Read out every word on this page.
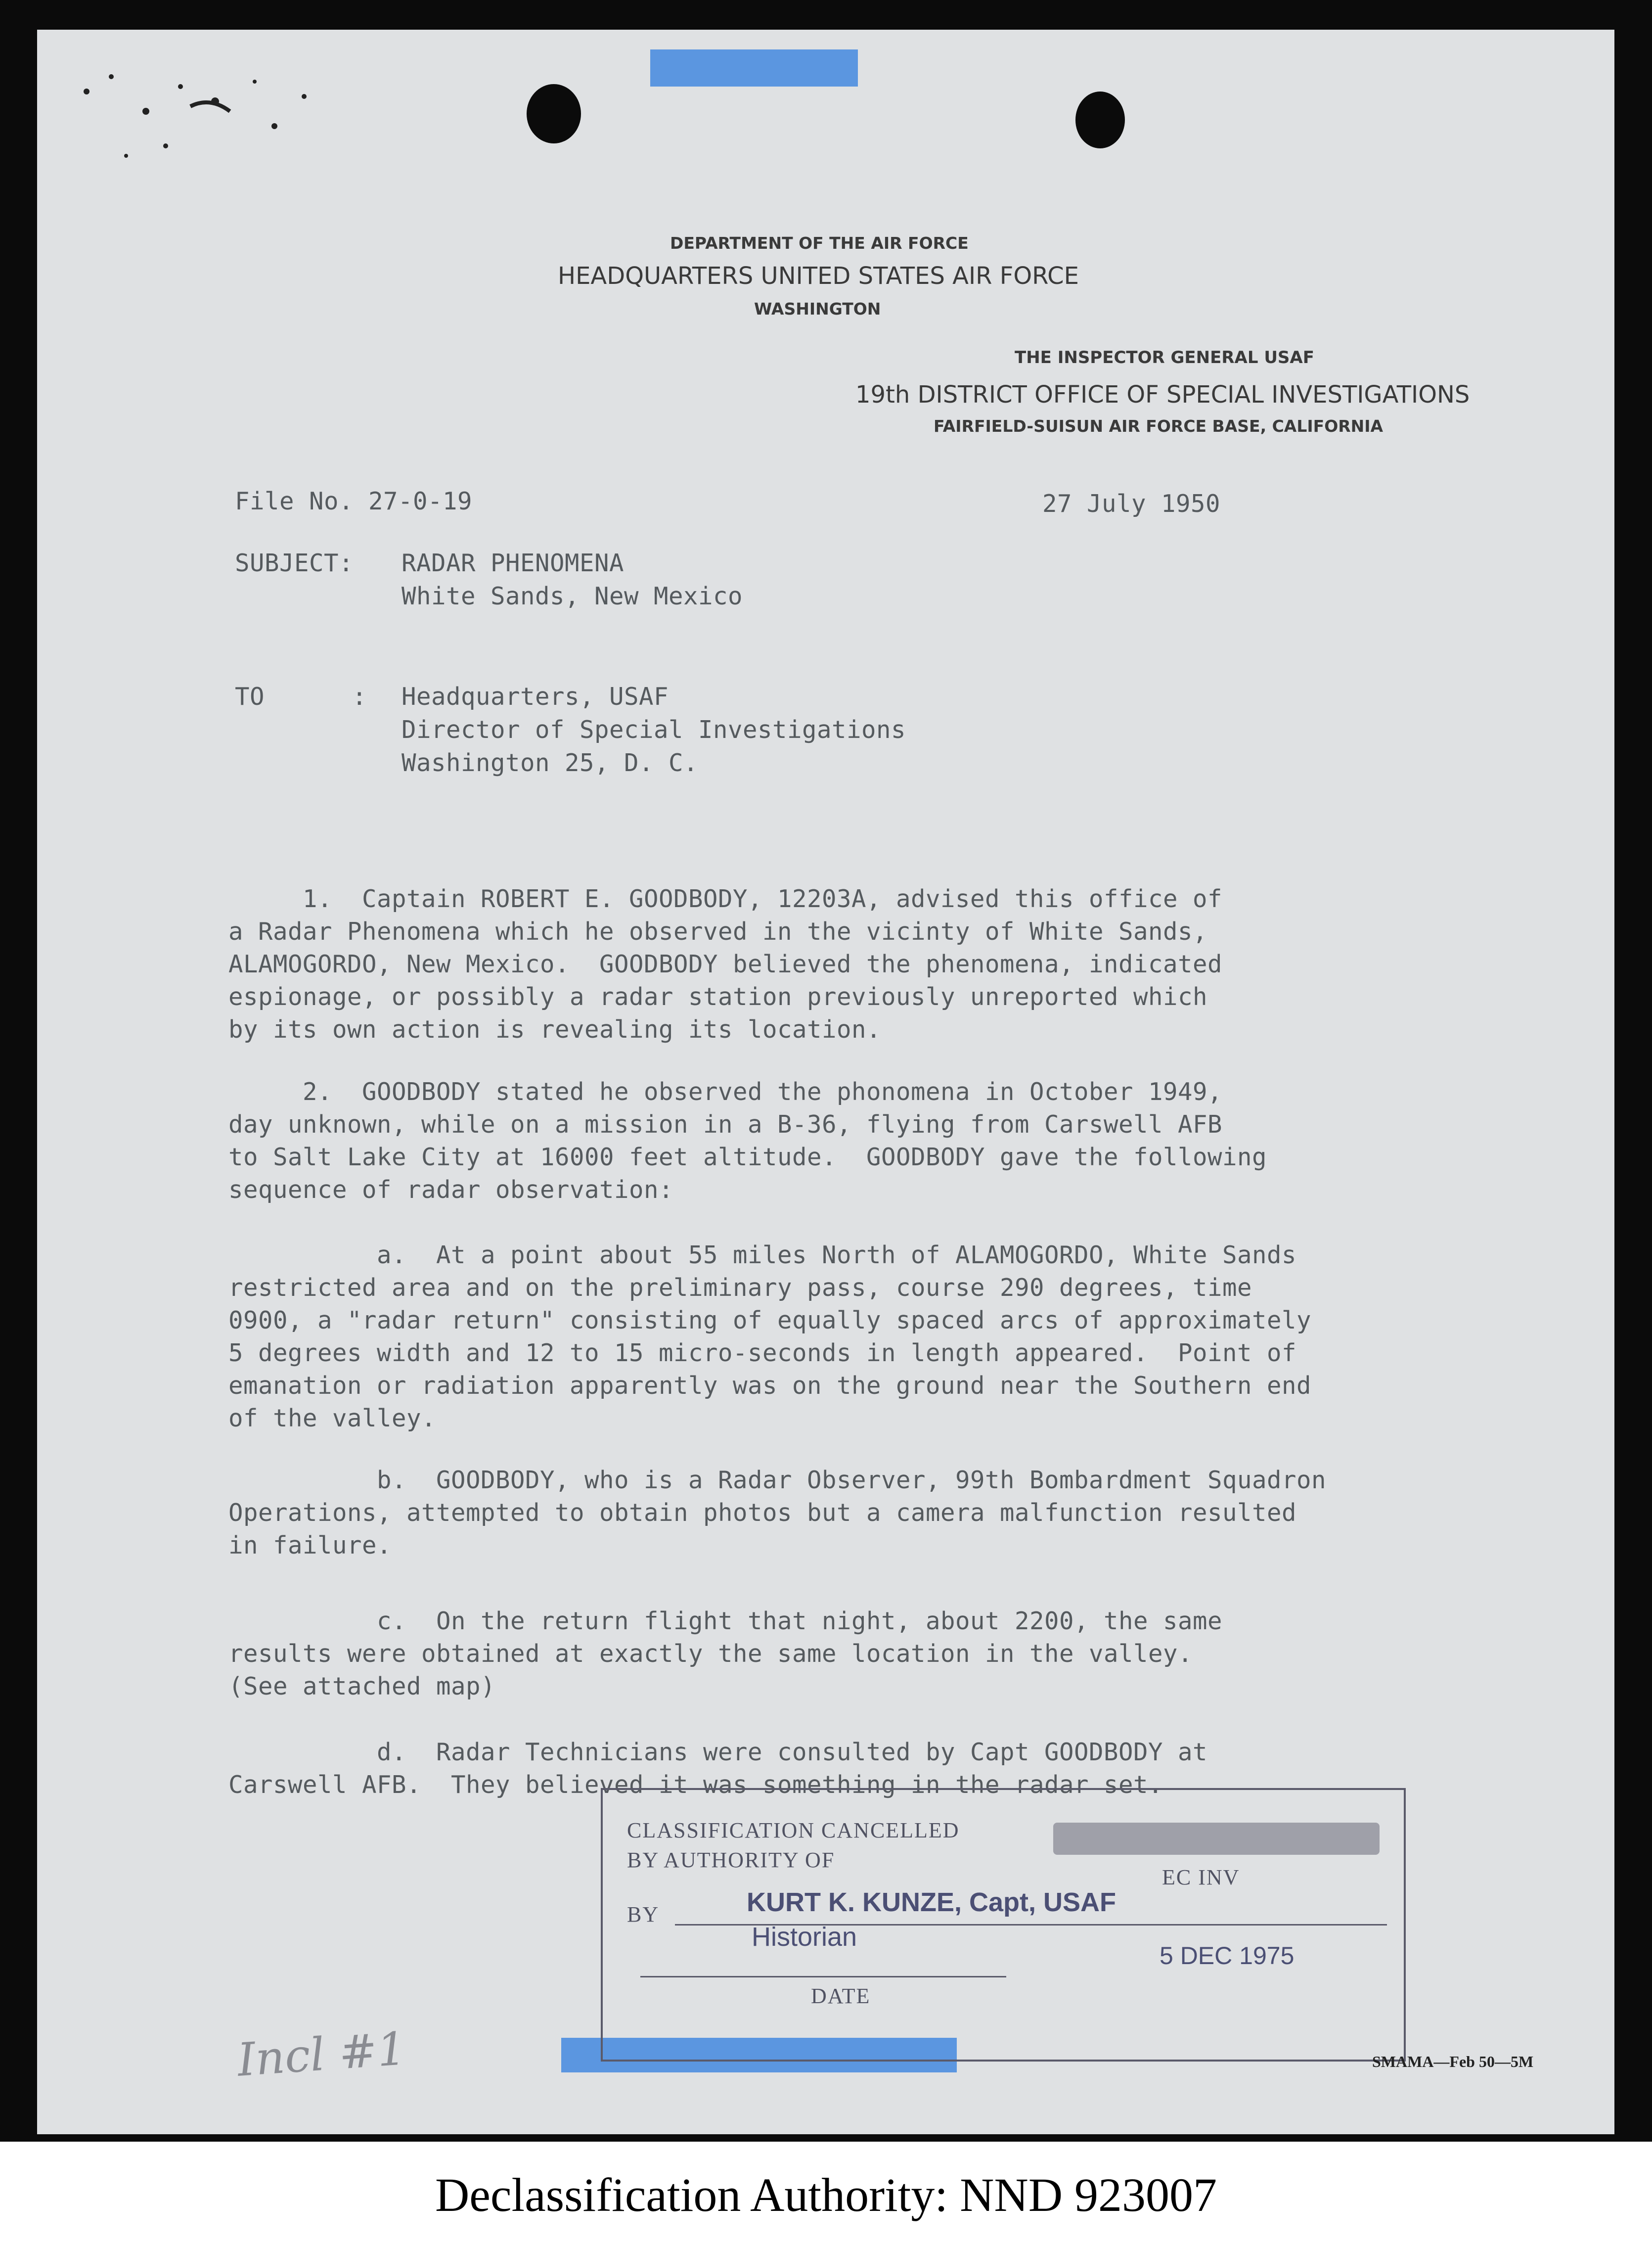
DEPARTMENT OF THE AIR FORCE
HEADQUARTERS UNITED STATES AIR FORCE
WASHINGTON
THE INSPECTOR GENERAL USAF
19th DISTRICT OFFICE OF SPECIAL INVESTIGATIONS
FAIRFIELD-SUISUN AIR FORCE BASE, CALIFORNIA
File No. 27-0-19	27 July 1950
SUBJECT: RADAR PHENOMENA
White Sands, New Mexico
TO	: Headquarters, USAF
Director of Special Investigations
Washington 25, D. C.
1.  Captain ROBERT E. GOODBODY, 12203A, advised this office of
a Radar Phenomena which he observed in the vicinty of White Sands,
ALAMOGORDO, New Mexico.  GOODBODY believed the phenomena, indicated
espionage, or possibly a radar station previously unreported which
by its own action is revealing its location.
2.  GOODBODY stated he observed the phonomena in October 1949,
day unknown, while on a mission in a B-36, flying from Carswell AFB
to Salt Lake City at 16000 feet altitude.  GOODBODY gave the following
sequence of radar observation:
a.  At a point about 55 miles North of ALAMOGORDO, White Sands
restricted area and on the preliminary pass, course 290 degrees, time
0900, a "radar return" consisting of equally spaced arcs of approximately
5 degrees width and 12 to 15 micro-seconds in length appeared.  Point of
emanation or radiation apparently was on the ground near the Southern end
of the valley.
b.  GOODBODY, who is a Radar Observer, 99th Bombardment Squadron
Operations, attempted to obtain photos but a camera malfunction resulted
in failure.
c.  On the return flight that night, about 2200, the same
results were obtained at exactly the same location in the valley.
(See attached map)
d.  Radar Technicians were consulted by Capt GOODBODY at
Carswell AFB.  They believed it was something in the radar set.
CLASSIFICATION CANCELLED
BY AUTHORITY OF
EC INV
BY	KURT K. KUNZE, Capt, USAF
Historian
5 DEC 1975
DATE
Incl #1	SMAMA—Feb 50—5M
Declassification Authority: NND 923007
